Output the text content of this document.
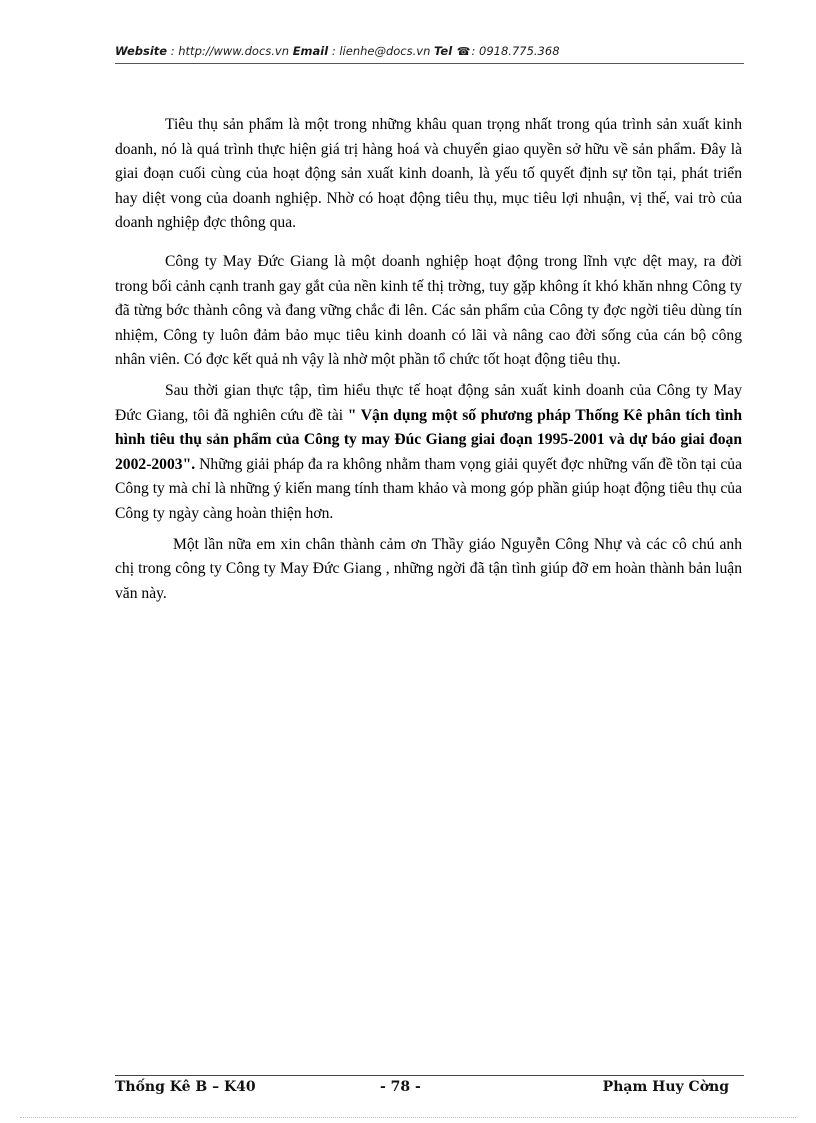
Website : http://www.docs.vn Email : lienhe@docs.vn Tel ☎: 0918.775.368

Tiêu thụ sản phẩm là một trong những khâu quan trọng nhất trong qúa trình sản xuất kinh doanh, nó là quá trình thực hiện giá trị hàng hoá và chuyển giao quyền sở hữu về sản phẩm. Đây là giai đoạn cuối cùng của hoạt động sản xuất kinh doanh, là yếu tố quyết định sự tồn tại, phát triển hay diệt vong của doanh nghiệp. Nhờ có hoạt động tiêu thụ, mục tiêu lợi nhuận, vị thế, vai trò của doanh nghiệp đợc thông qua.

Công ty May Đức Giang là một doanh nghiệp hoạt động trong lĩnh vực dệt may, ra đời trong bối cảnh cạnh tranh gay gắt của nền kinh tế thị trờng, tuy gặp không ít khó khăn nhng Công ty đã từng bớc thành công và đang vững chắc đi lên. Các sản phẩm của Công ty đợc ngời tiêu dùng tín nhiệm, Công ty luôn đảm bảo mục tiêu kinh doanh có lãi và nâng cao đời sống của cán bộ công nhân viên. Có đợc kết quả nh vậy là nhờ một phần tổ chức tốt hoạt động tiêu thụ.

Sau thời gian thực tập, tìm hiểu thực tế hoạt động sản xuất kinh doanh của Công ty May Đức Giang, tôi đã nghiên cứu đề tài " Vận dụng một số phương pháp Thống Kê phân tích tình hình tiêu thụ sản phẩm của Công ty may Đúc Giang giai đoạn 1995-2001 và dự báo giai đoạn 2002-2003". Những giải pháp đa ra không nhằm tham vọng giải quyết đợc những vấn đề tồn tại của Công ty mà chỉ là những ý kiến mang tính tham khảo và mong góp phần giúp hoạt động tiêu thụ của Công ty ngày càng hoàn thiện hơn.

Một lần nữa em xin chân thành cảm ơn Thầy giáo Nguyễn Công Nhự và các cô chú anh chị trong công ty Công ty May Đức Giang , những ngời đã tận tình giúp đỡ em hoàn thành bản luận văn này.

Thống Kê B – K40	- 78 -	Phạm Huy Cờng
